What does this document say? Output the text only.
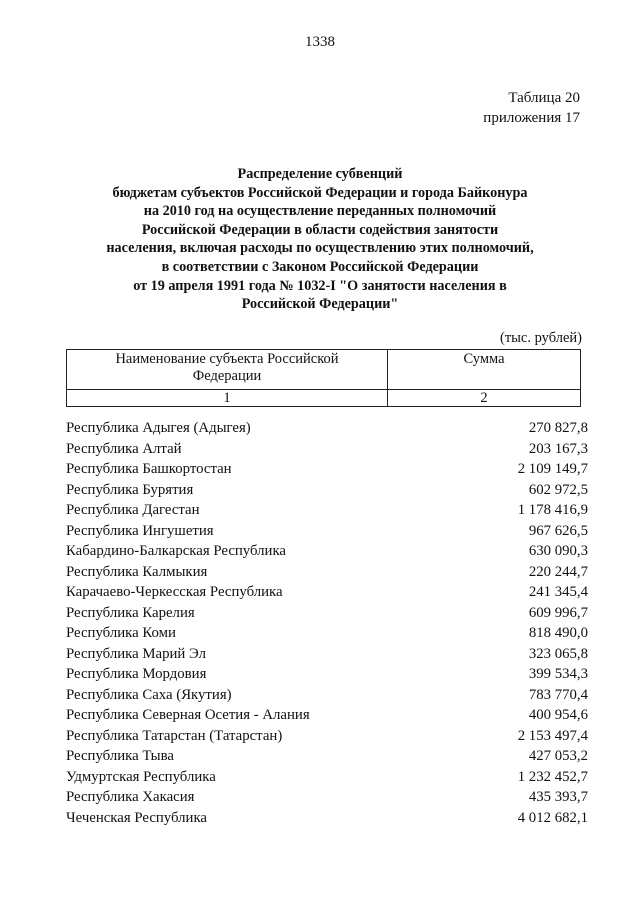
1338
Таблица 20
приложения 17
Распределение субвенций
бюджетам субъектов Российской Федерации и города Байконура
на 2010 год на осуществление переданных полномочий
Российской Федерации в области содействия занятости
населения, включая расходы по осуществлению этих полномочий,
в соответствии с Законом Российской Федерации
от 19 апреля 1991 года № 1032-I "О занятости населения в
Российской Федерации"
(тыс. рублей)
Наименование субъекта Российской
Федерации	Сумма
1	2
Республика Адыгея (Адыгея)	270 827,8
Республика Алтай	203 167,3
Республика Башкортостан	2 109 149,7
Республика Бурятия	602 972,5
Республика Дагестан	1 178 416,9
Республика Ингушетия	967 626,5
Кабардино-Балкарская Республика	630 090,3
Республика Калмыкия	220 244,7
Карачаево-Черкесская Республика	241 345,4
Республика Карелия	609 996,7
Республика Коми	818 490,0
Республика Марий Эл	323 065,8
Республика Мордовия	399 534,3
Республика Саха (Якутия)	783 770,4
Республика Северная Осетия - Алания	400 954,6
Республика Татарстан (Татарстан)	2 153 497,4
Республика Тыва	427 053,2
Удмуртская Республика	1 232 452,7
Республика Хакасия	435 393,7
Чеченская Республика	4 012 682,1
